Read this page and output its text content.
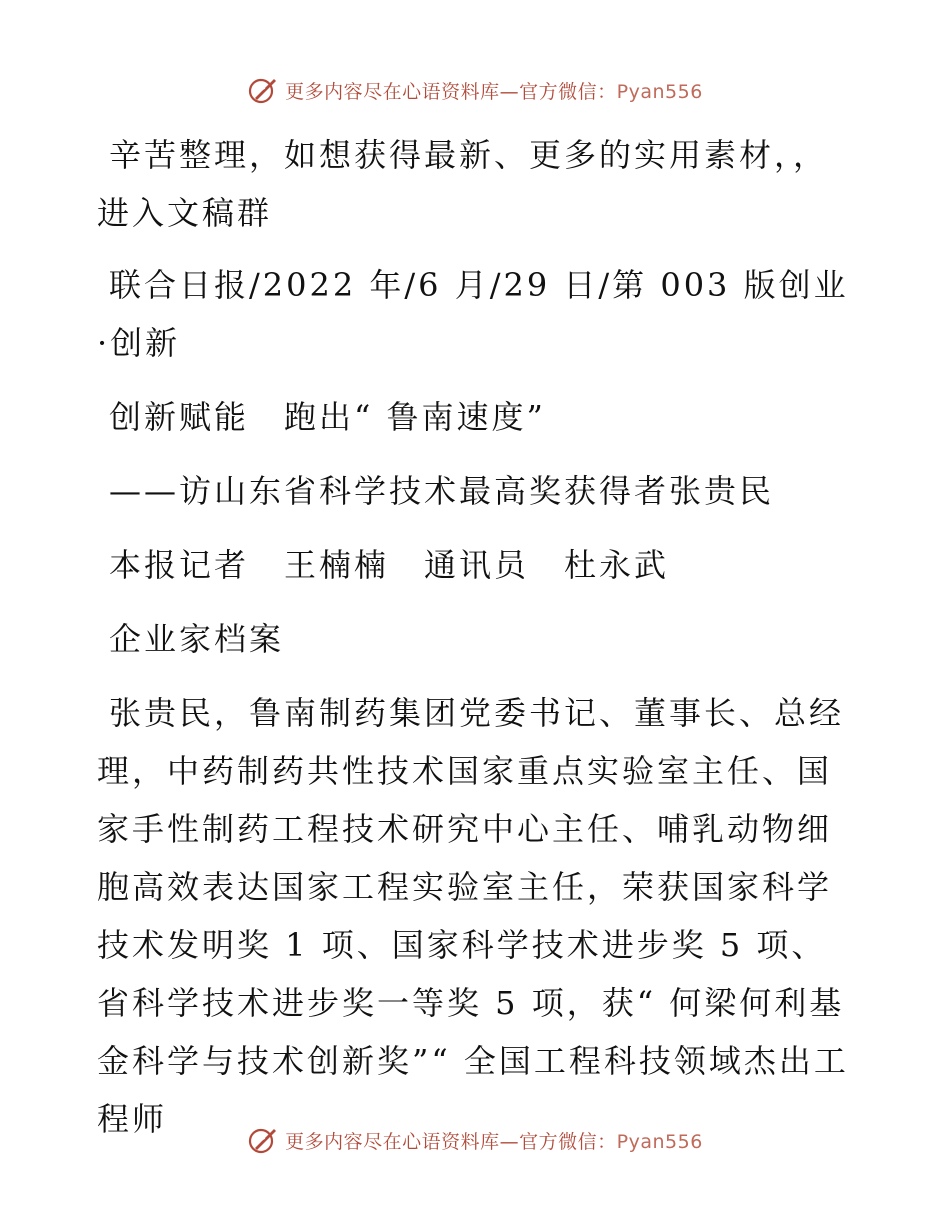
更多内容尽在心语资料库—官方微信：Pyan556

辛苦整理，如想获得最新、更多的实用素材，，进入文稿群

联合日报/2022 年/6 月/29 日/第 003 版创业·创新

创新赋能　跑出“ 鲁南速度”

——访山东省科学技术最高奖获得者张贵民

本报记者　王楠楠　通讯员　杜永武

企业家档案

张贵民，鲁南制药集团党委书记、董事长、总经理，中药制药共性技术国家重点实验室主任、国家手性制药工程技术研究中心主任、哺乳动物细胞高效表达国家工程实验室主任，荣获国家科学技术发明奖 1 项、国家科学技术进步奖 5 项、省科学技术进步奖一等奖 5 项，获“ 何梁何利基金科学与技术创新奖”“ 全国工程科技领域杰出工程师

更多内容尽在心语资料库—官方微信：Pyan556
